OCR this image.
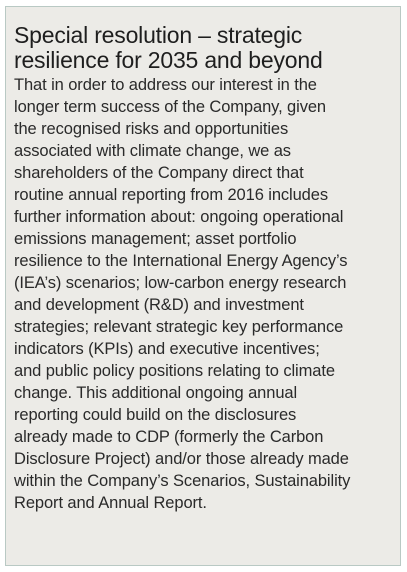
Special resolution – strategic
resilience for 2035 and beyond

That in order to address our interest in the
longer term success of the Company, given
the recognised risks and opportunities
associated with climate change, we as
shareholders of the Company direct that
routine annual reporting from 2016 includes
further information about: ongoing operational
emissions management; asset portfolio
resilience to the International Energy Agency’s
(IEA’s) scenarios; low-carbon energy research
and development (R&D) and investment
strategies; relevant strategic key performance
indicators (KPIs) and executive incentives;
and public policy positions relating to climate
change. This additional ongoing annual
reporting could build on the disclosures
already made to CDP (formerly the Carbon
Disclosure Project) and/or those already made
within the Company’s Scenarios, Sustainability
Report and Annual Report.
